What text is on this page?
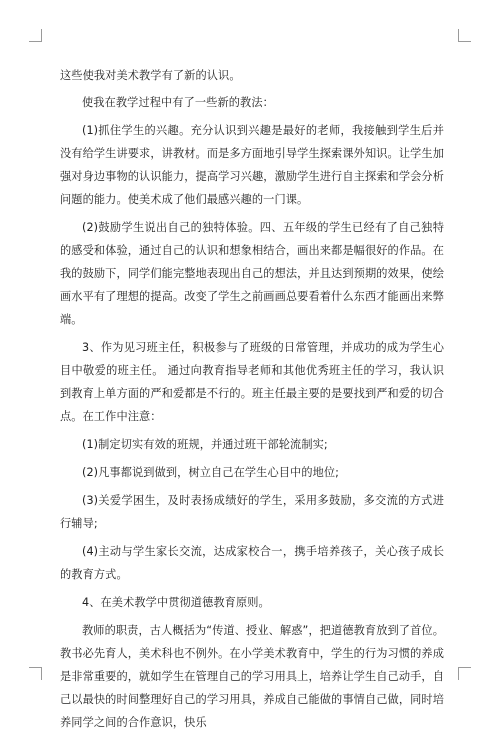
这些使我对美术教学有了新的认识。

使我在教学过程中有了一些新的教法：

(1)抓住学生的兴趣。充分认识到兴趣是最好的老师，我接触到学生后并没有给学生讲要求，讲教材。而是多方面地引导学生探索课外知识。让学生加强对身边事物的认识能力，提高学习兴趣，激励学生进行自主探索和学会分析问题的能力。使美术成了他们最感兴趣的一门课。

(2)鼓励学生说出自己的独特体验。四、五年级的学生已经有了自己独特的感受和体验，通过自己的认识和想象相结合，画出来都是幅很好的作品。在我的鼓励下，同学们能完整地表现出自己的想法，并且达到预期的效果，使绘画水平有了理想的提高。改变了学生之前画画总要看着什么东西才能画出来弊端。

3、作为见习班主任，积极参与了班级的日常管理，并成功的成为学生心目中敬爱的班主任。 通过向教育指导老师和其他优秀班主任的学习，我认识到教育上单方面的严和爱都是不行的。班主任最主要的是要找到严和爱的切合点。在工作中注意：

(1)制定切实有效的班规，并通过班干部轮流制实;

(2)凡事都说到做到，树立自己在学生心目中的地位;

(3)关爱学困生，及时表扬成绩好的学生，采用多鼓励，多交流的方式进行辅导;

(4)主动与学生家长交流，达成家校合一，携手培养孩子，关心孩子成长的教育方式。

4、在美术教学中贯彻道德教育原则。

教师的职责，古人概括为“传道、授业、解惑”，把道德教育放到了首位。教书必先育人，美术科也不例外。在小学美术教育中，学生的行为习惯的养成是非常重要的，就如学生在管理自己的学习用具上，培养让学生自己动手，自己以最快的时间整理好自己的学习用具，养成自己能做的事情自己做，同时培养同学之间的合作意识，快乐
